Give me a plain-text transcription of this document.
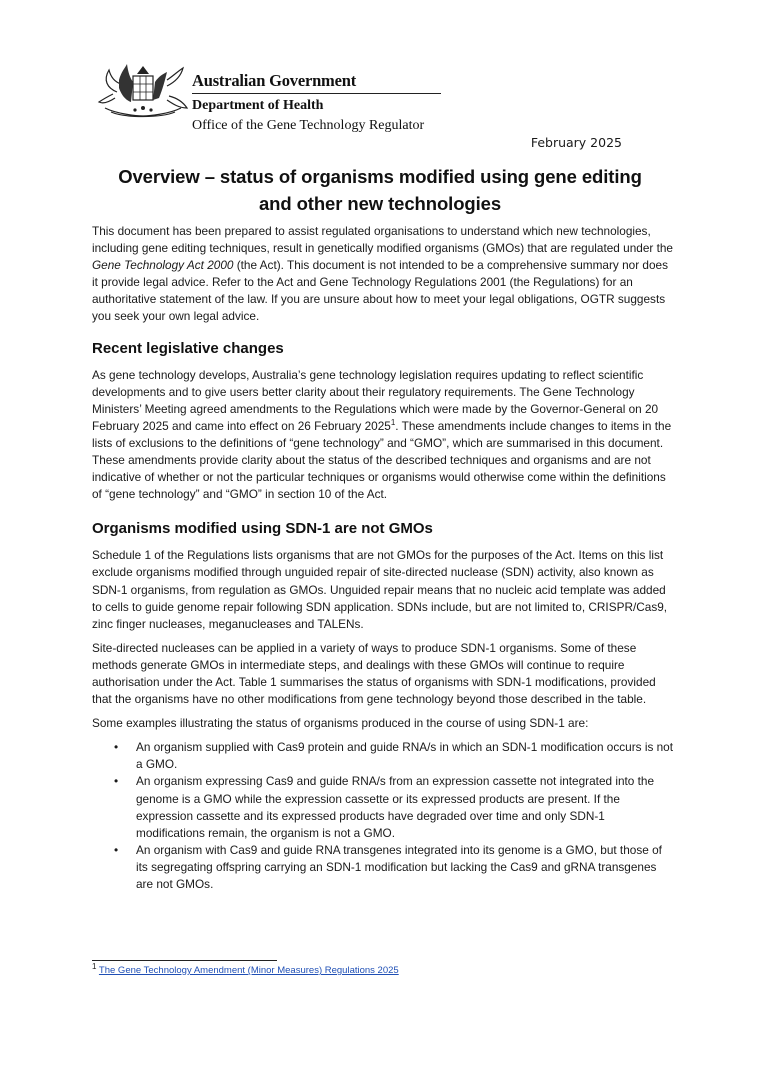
Australian Government
Department of Health
Office of the Gene Technology Regulator
February 2025
Overview – status of organisms modified using gene editing
and other new technologies

This document has been prepared to assist regulated organisations to understand which new technologies, including gene editing techniques, result in genetically modified organisms (GMOs) that are regulated under the Gene Technology Act 2000 (the Act). This document is not intended to be a comprehensive summary nor does it provide legal advice. Refer to the Act and Gene Technology Regulations 2001 (the Regulations) for an authoritative statement of the law. If you are unsure about how to meet your legal obligations, OGTR suggests you seek your own legal advice.

Recent legislative changes

As gene technology develops, Australia’s gene technology legislation requires updating to reflect scientific developments and to give users better clarity about their regulatory requirements. The Gene Technology Ministers’ Meeting agreed amendments to the Regulations which were made by the Governor-General on 20 February 2025 and came into effect on 26 February 2025$^1$. These amendments include changes to items in the lists of exclusions to the definitions of “gene technology” and “GMO”, which are summarised in this document. These amendments provide clarity about the status of the described techniques and organisms and are not indicative of whether or not the particular techniques or organisms would otherwise come within the definitions of “gene technology” and “GMO” in section 10 of the Act.

Organisms modified using SDN-1 are not GMOs

Schedule 1 of the Regulations lists organisms that are not GMOs for the purposes of the Act. Items on this list exclude organisms modified through unguided repair of site-directed nuclease (SDN) activity, also known as SDN-1 organisms, from regulation as GMOs. Unguided repair means that no nucleic acid template was added to cells to guide genome repair following SDN application. SDNs include, but are not limited to, CRISPR/Cas9, zinc finger nucleases, meganucleases and TALENs.

Site-directed nucleases can be applied in a variety of ways to produce SDN-1 organisms. Some of these methods generate GMOs in intermediate steps, and dealings with these GMOs will continue to require authorisation under the Act. Table 1 summarises the status of organisms with SDN-1 modifications, provided that the organisms have no other modifications from gene technology beyond those described in the table.

Some examples illustrating the status of organisms produced in the course of using SDN-1 are:

• An organism supplied with Cas9 protein and guide RNA/s in which an SDN-1 modification occurs is not a GMO.
• An organism expressing Cas9 and guide RNA/s from an expression cassette not integrated into the genome is a GMO while the expression cassette or its expressed products are present. If the expression cassette and its expressed products have degraded over time and only SDN-1 modifications remain, the organism is not a GMO.
• An organism with Cas9 and guide RNA transgenes integrated into its genome is a GMO, but those of its segregating offspring carrying an SDN-1 modification but lacking the Cas9 and gRNA transgenes are not GMOs.
$^1$ The Gene Technology Amendment (Minor Measures) Regulations 2025
